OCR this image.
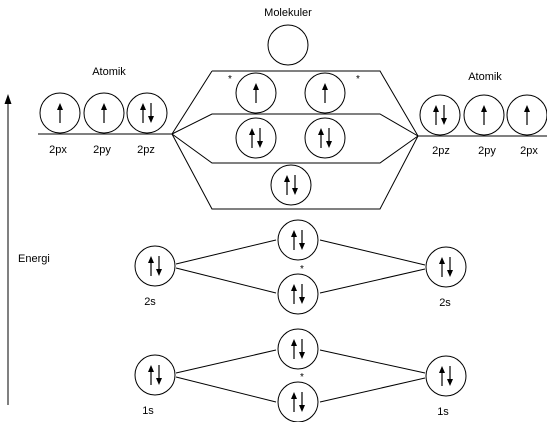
Energi
Molekuler
Atomik	Atomik
*	*
*
*
2px 2py 2pz	2pz	2py 2px
2s	2s
1s	1s
